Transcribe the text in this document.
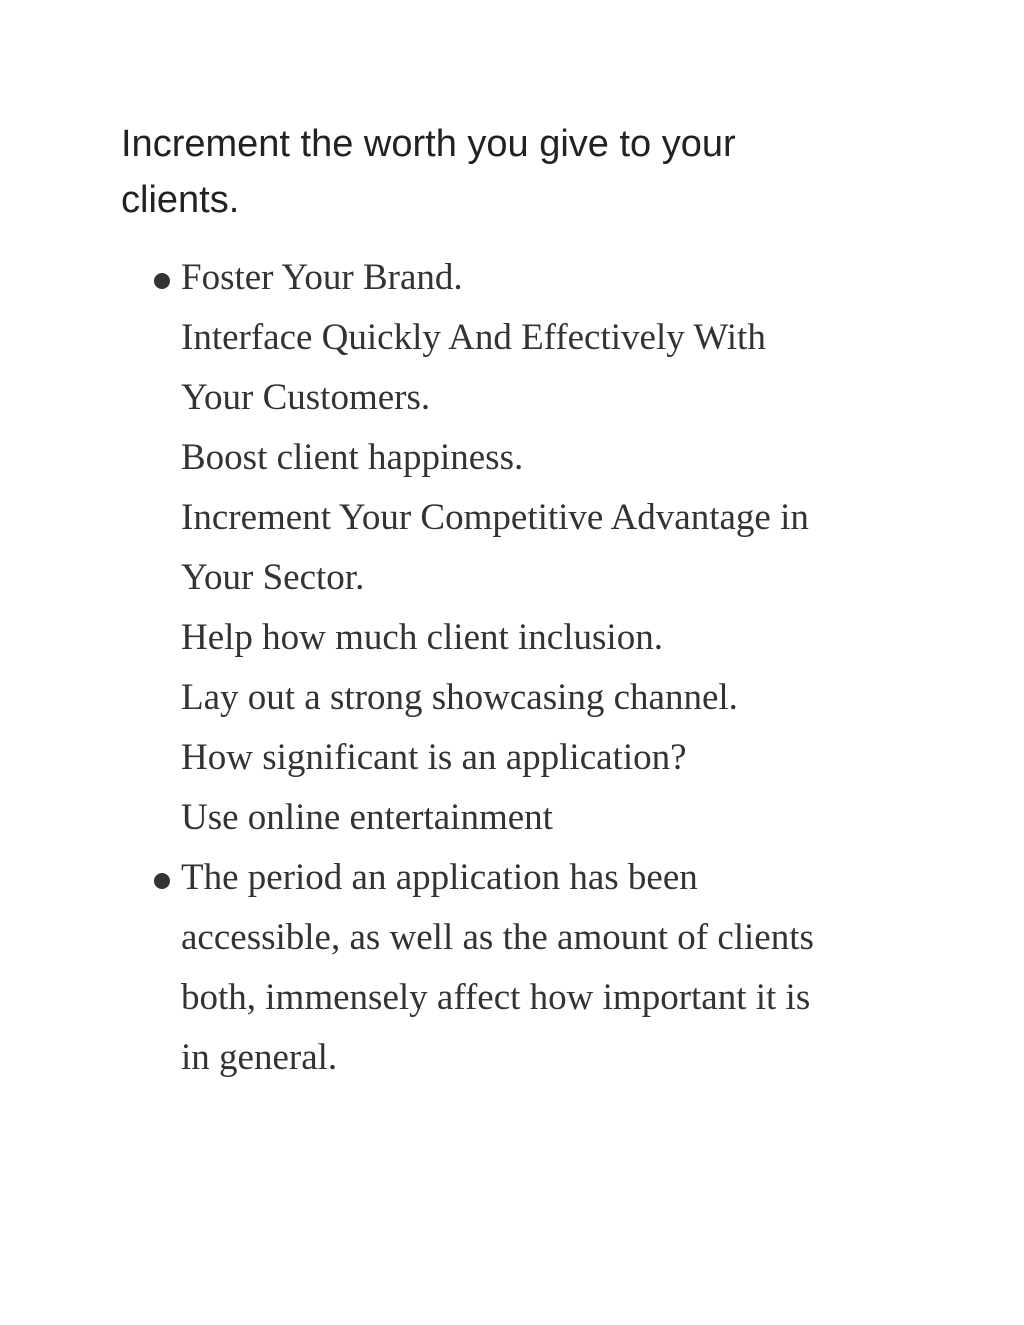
Increment the worth you give to your
clients.
Foster Your Brand.
Interface Quickly And Effectively With
Your Customers.
Boost client happiness.
Increment Your Competitive Advantage in
Your Sector.
Help how much client inclusion.
Lay out a strong showcasing channel.
How significant is an application?
Use online entertainment
The period an application has been
accessible, as well as the amount of clients
both, immensely affect how important it is
in general.
